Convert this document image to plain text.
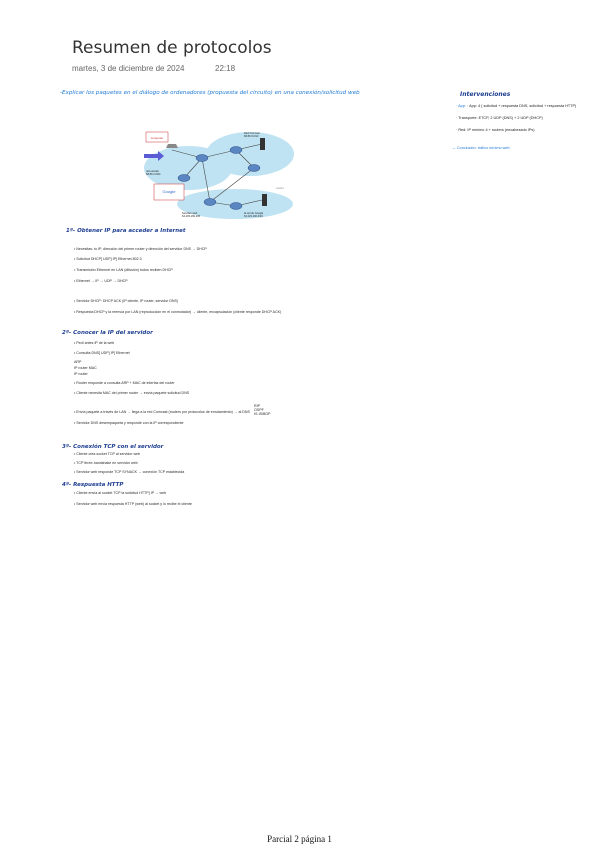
Resumen de protocolos
martes, 3 de diciembre de 2024	22:18
-Explicar los paquetes en el diálogo de ordenadores (propuesta del circuito) en una conexión/solicitud web	Intervenciones
· App: · App: 4 ( solicitud + respuesta DNS, solicitud + respuesta HTTP)
· Transporte: ETCP, 2 UDP (DNS) + 2 UDP (DHCP)
· Red: IP mínimo 4 + routers (encabezado IPs)
→ Conclusión: tráfico mínimo web
computer
Google
red escolar
68.80.2.0/24
Red Comcast
68.80.0.0/13
Servidor web
64.233.169.105
la red de Google
64.233.160.0/19
router
1º- Obtener IP para acceder a Internet
• Necesitas: tu IP, dirección del primer router y dirección del servidor DNS → DHCP
• Solicitud DHCP] UDP] IP] Ethernet 802.3
• Transmisión Ethernet en LAN (difusión) todos reciben DHCP
• Ethernet → IP → UDP → DHCP
• Servidor DHCP: DHCP ACK (IP cliente, IP router, servidor DNS)
• Respuesta DHCP y la reenvía por LAN (reproducción en el conmutador) → cliente, encapsulación (cliente responde DHCP ACK)
2º- Conocer la IP del servidor
• Pedí antes IP de la web
• Consulta DNS] UDP] IP] Ethernet
ARP
IP router MAC
IP router
• Router responde a consulta ARP + MAC de interfaz del router
• Cliente necesita MAC del primer router → envía paquete solicitud DNS
• Envía paquete a través de LAN → llega a la red Comcast (routers por protocolos de enrutamiento) → al DNS
• Servidor DNS desempaqueta y responde con la IP correspondiente
RIP
OSPF
IS-IS/BGP
3º- Conexión TCP con el servidor
• Cliente crea socket TCP al servidor web
• TCP three-handshake en servidor web
• Servidor web responde TCP SYNACK → conexión TCP establecida
4º- Respuesta HTTP
• Cliente envía al socket TCP la solicitud HTTP] IP → web
• Servidor web envía respuesta HTTP (web) al socket y lo recibe el cliente
Parcial 2 página 1
